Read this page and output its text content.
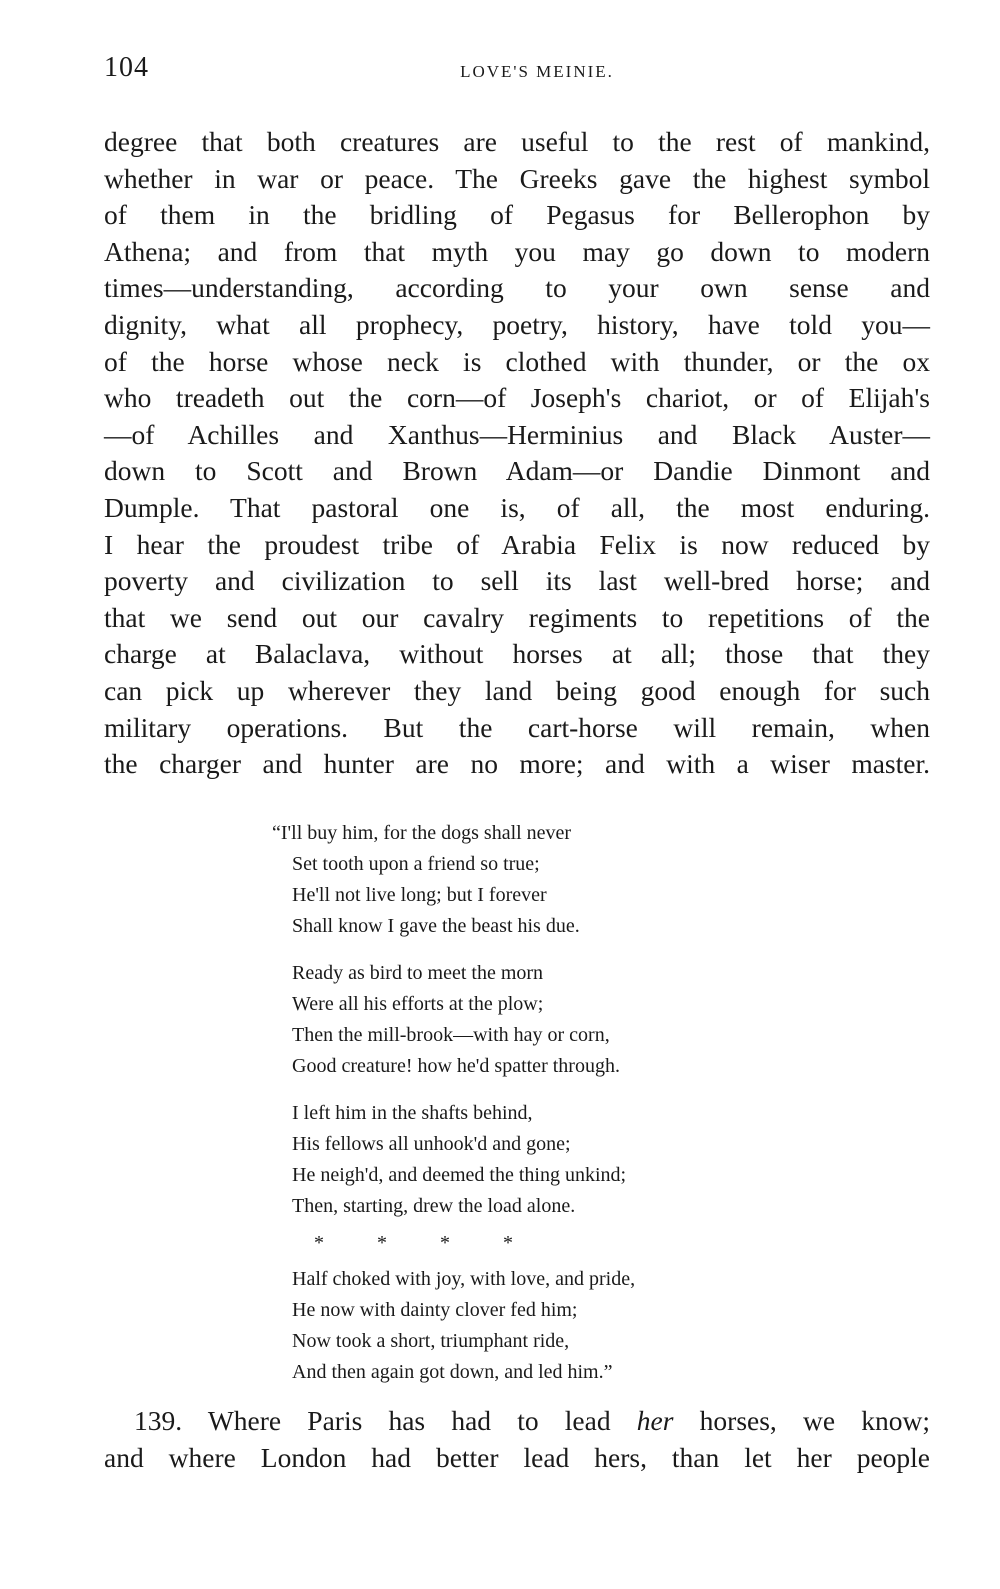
104	LOVE'S MEINIE.

degree that both creatures are useful to the rest of mankind,
whether in war or peace. The Greeks gave the highest symbol
of them in the bridling of Pegasus for Bellerophon by
Athena; and from that myth you may go down to modern
times—understanding, according to your own sense and
dignity, what all prophecy, poetry, history, have told you—
of the horse whose neck is clothed with thunder, or the ox
who treadeth out the corn—of Joseph's chariot, or of Elijah's
—of Achilles and Xanthus—Herminius and Black Auster—
down to Scott and Brown Adam—or Dandie Dinmont and
Dumple. That pastoral one is, of all, the most enduring.
I hear the proudest tribe of Arabia Felix is now reduced by
poverty and civilization to sell its last well-bred horse; and
that we send out our cavalry regiments to repetitions of the
charge at Balaclava, without horses at all; those that they
can pick up wherever they land being good enough for such
military operations. But the cart-horse will remain, when
the charger and hunter are no more; and with a wiser master.

“I'll buy him, for the dogs shall never
Set tooth upon a friend so true;
He'll not live long; but I forever
Shall know I gave the beast his due.
Ready as bird to meet the morn
Were all his efforts at the plow;
Then the mill-brook—with hay or corn,
Good creature! how he'd spatter through.
I left him in the shafts behind,
His fellows all unhook'd and gone;
He neigh'd, and deemed the thing unkind;
Then, starting, drew the load alone.
* * * *
Half choked with joy, with love, and pride,
He now with dainty clover fed him;
Now took a short, triumphant ride,
And then again got down, and led him.”

139. Where Paris has had to lead her horses, we know;
and where London had better lead hers, than let her people
